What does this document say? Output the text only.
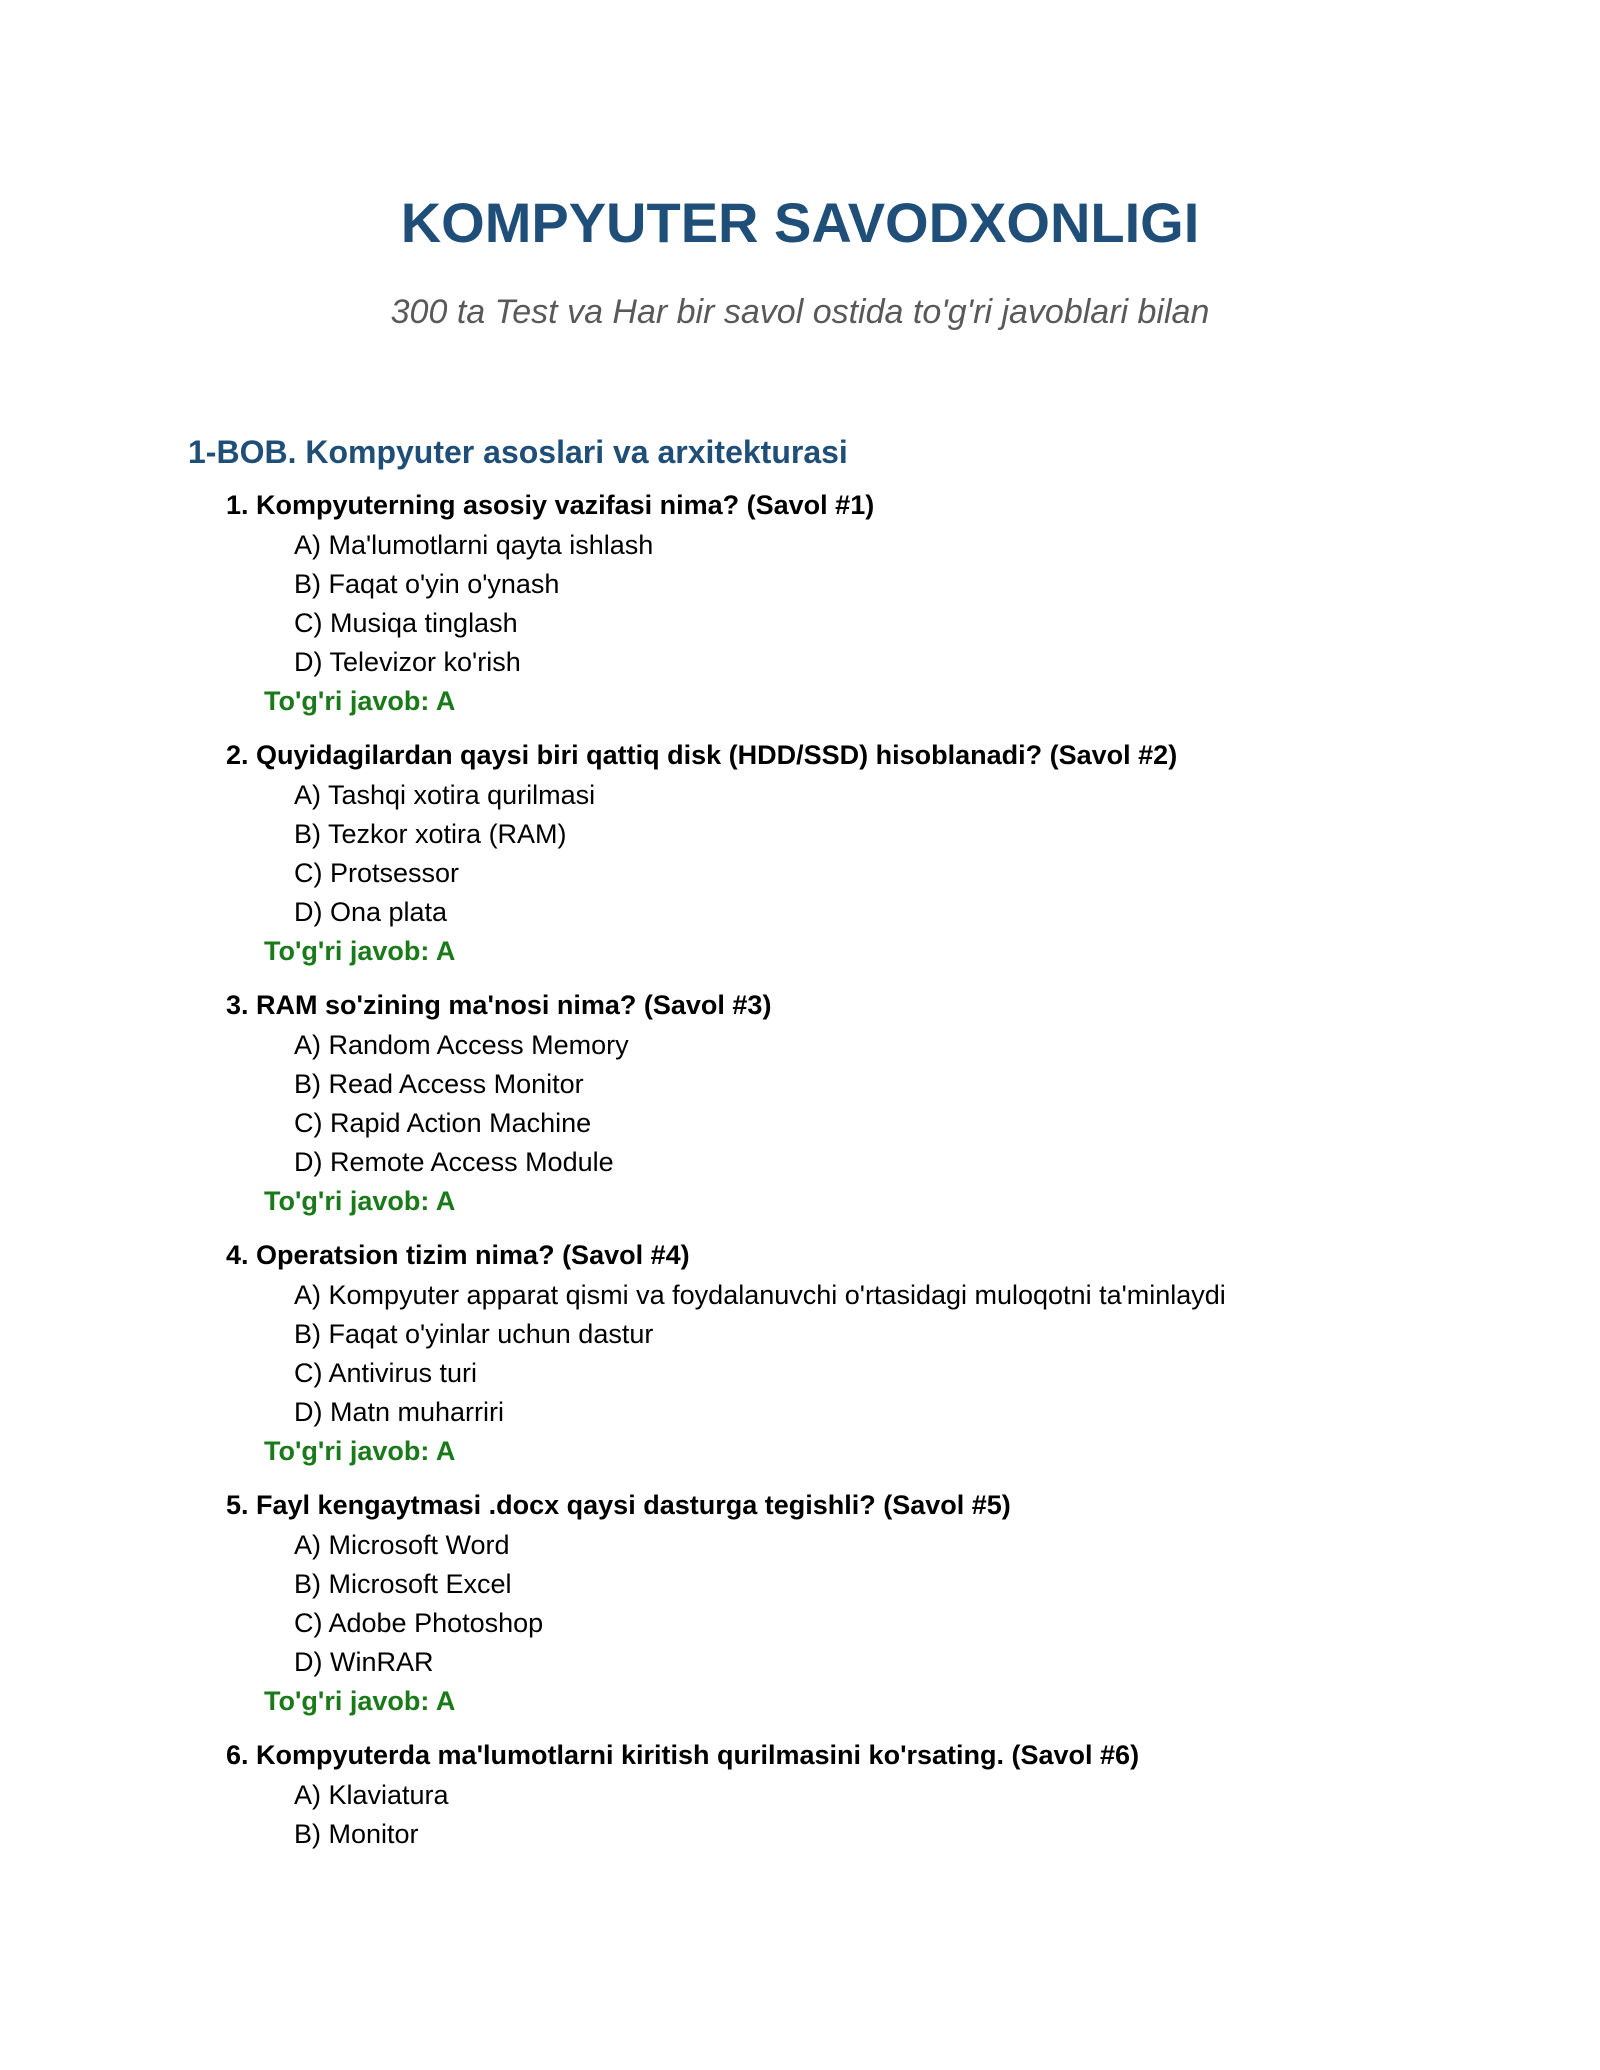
KOMPYUTER SAVODXONLIGI

300 ta Test va Har bir savol ostida to'g'ri javoblari bilan

1-BOB. Kompyuter asoslari va arxitekturasi
1. Kompyuterning asosiy vazifasi nima? (Savol #1)
A) Ma'lumotlarni qayta ishlash
B) Faqat o'yin o'ynash
C) Musiqa tinglash
D) Televizor ko'rish
To'g'ri javob: A
2. Quyidagilardan qaysi biri qattiq disk (HDD/SSD) hisoblanadi? (Savol #2)
A) Tashqi xotira qurilmasi
B) Tezkor xotira (RAM)
C) Protsessor
D) Ona plata
To'g'ri javob: A
3. RAM so'zining ma'nosi nima? (Savol #3)
A) Random Access Memory
B) Read Access Monitor
C) Rapid Action Machine
D) Remote Access Module
To'g'ri javob: A
4. Operatsion tizim nima? (Savol #4)
A) Kompyuter apparat qismi va foydalanuvchi o'rtasidagi muloqotni ta'minlaydi
B) Faqat o'yinlar uchun dastur
C) Antivirus turi
D) Matn muharriri
To'g'ri javob: A
5. Fayl kengaytmasi .docx qaysi dasturga tegishli? (Savol #5)
A) Microsoft Word
B) Microsoft Excel
C) Adobe Photoshop
D) WinRAR
To'g'ri javob: A
6. Kompyuterda ma'lumotlarni kiritish qurilmasini ko'rsating. (Savol #6)
A) Klaviatura
B) Monitor
